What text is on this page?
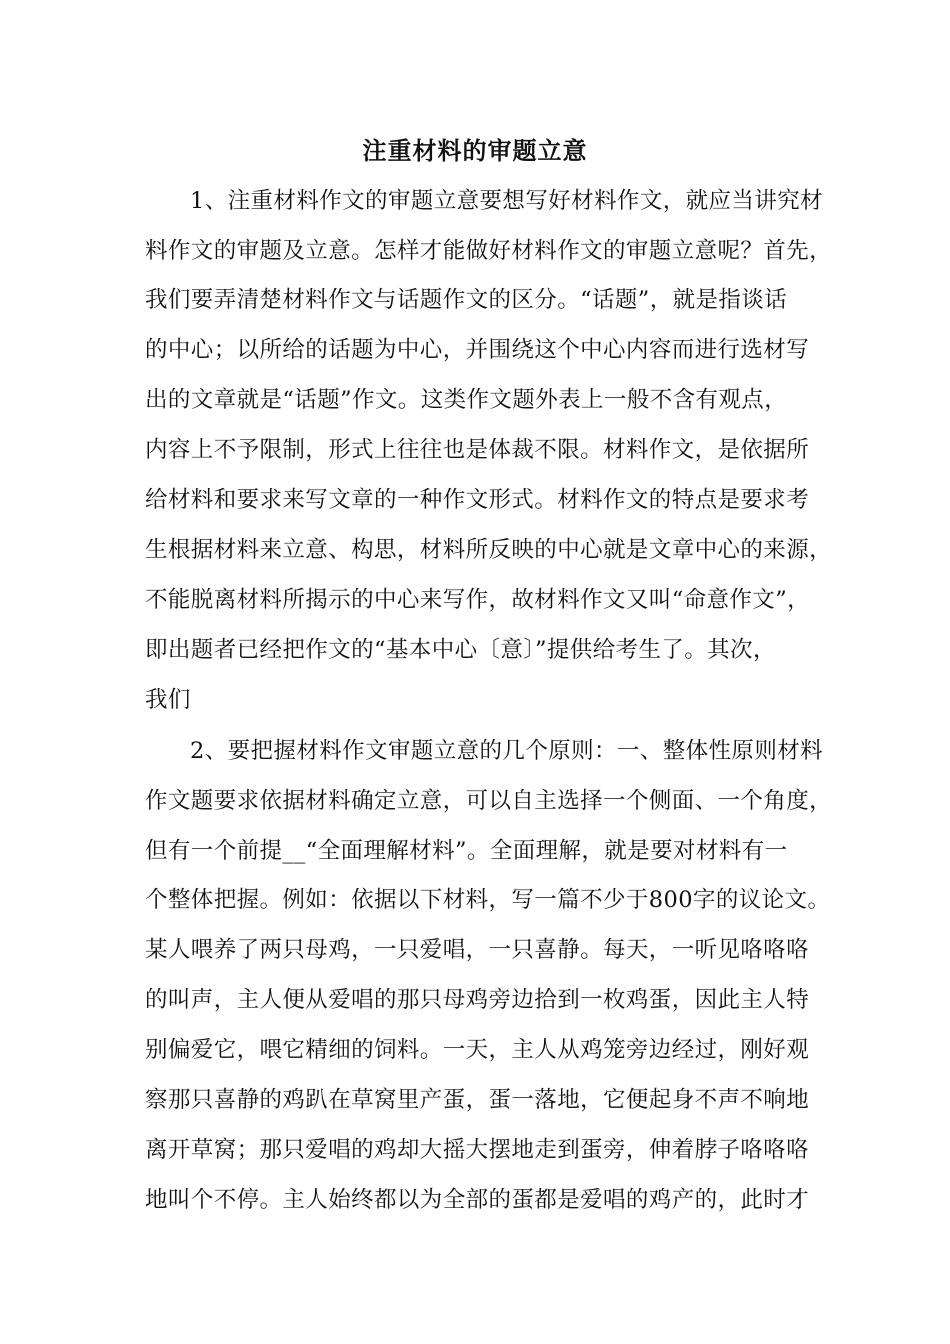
注重材料的审题立意
1、注重材料作文的审题立意要想写好材料作文，就应当讲究材
料作文的审题及立意。怎样才能做好材料作文的审题立意呢？首先，
我们要弄清楚材料作文与话题作文的区分。“话题”，就是指谈话
的中心；以所给的话题为中心，并围绕这个中心内容而进行选材写
出的文章就是“话题”作文。这类作文题外表上一般不含有观点，
内容上不予限制，形式上往往也是体裁不限。材料作文，是依据所
给材料和要求来写文章的一种作文形式。材料作文的特点是要求考
生根据材料来立意、构思，材料所反映的中心就是文章中心的来源，
不能脱离材料所揭示的中心来写作，故材料作文又叫“命意作文”，
即出题者已经把作文的“基本中心〔意〕”提供给考生了。其次，
我们
2、要把握材料作文审题立意的几个原则：一、整体性原则材料
作文题要求依据材料确定立意，可以自主选择一个侧面、一个角度，
但有一个前提__“全面理解材料”。全面理解，就是要对材料有一
个整体把握。例如：依据以下材料，写一篇不少于800字的议论文。
某人喂养了两只母鸡，一只爱唱，一只喜静。每天，一听见咯咯咯
的叫声，主人便从爱唱的那只母鸡旁边拾到一枚鸡蛋，因此主人特
别偏爱它，喂它精细的饲料。一天，主人从鸡笼旁边经过，刚好观
察那只喜静的鸡趴在草窝里产蛋，蛋一落地，它便起身不声不响地
离开草窝；那只爱唱的鸡却大摇大摆地走到蛋旁，伸着脖子咯咯咯
地叫个不停。主人始终都以为全部的蛋都是爱唱的鸡产的，此时才
